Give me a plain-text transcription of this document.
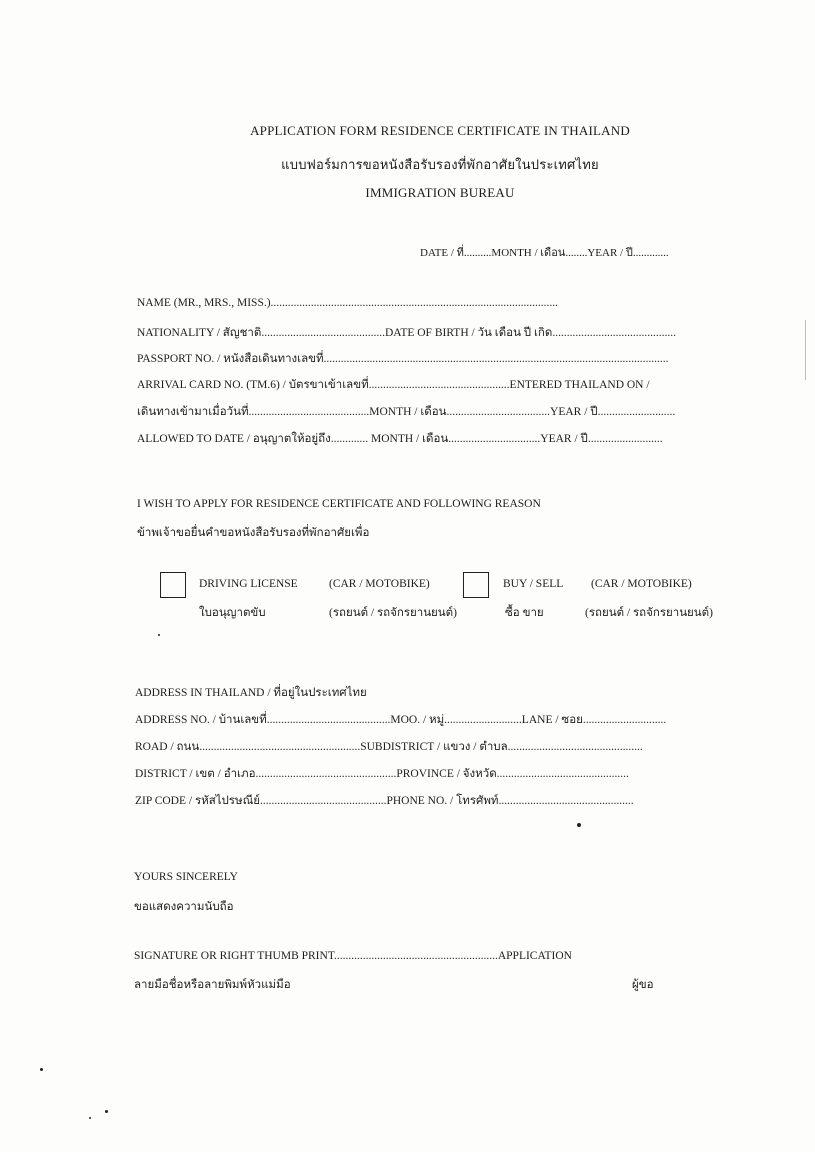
APPLICATION FORM RESIDENCE CERTIFICATE IN THAILAND
แบบฟอร์มการขอหนังสือรับรองที่พักอาศัยในประเทศไทย
IMMIGRATION BUREAU
DATE / ที่..........MONTH / เดือน........YEAR / ปี.............
NAME (MR., MRS., MISS.)....................................................................................................
NATIONALITY / สัญชาติ...........................................DATE OF BIRTH / วัน เดือน ปี เกิด...........................................
PASSPORT NO. / หนังสือเดินทางเลขที่........................................................................................................................
ARRIVAL CARD NO. (TM.6) / บัตรขาเข้าเลขที่.................................................ENTERED THAILAND ON /
เดินทางเข้ามาเมื่อวันที่..........................................MONTH / เดือน....................................YEAR / ปี...........................
ALLOWED TO DATE / อนุญาตให้อยู่ถึง............. MONTH / เดือน................................YEAR / ปี..........................
I WISH TO APPLY FOR RESIDENCE CERTIFICATE AND FOLLOWING REASON
ข้าพเจ้าขอยื่นคำขอหนังสือรับรองที่พักอาศัยเพื่อ
DRIVING LICENSE	(CAR / MOTOBIKE)
ใบอนุญาตขับ	(รถยนต์ / รถจักรยานยนต์)
BUY / SELL (CAR / MOTOBIKE)
ซื้อ ขาย	(รถยนต์ / รถจักรยานยนต์)
ADDRESS IN THAILAND / ที่อยู่ในประเทศไทย
ADDRESS NO. / บ้านเลขที่...........................................MOO. / หมู่...........................LANE / ซอย.............................
ROAD / ถนน........................................................SUBDISTRICT / แขวง / ตำบล...............................................
DISTRICT / เขต / อำเภอ.................................................PROVINCE / จังหวัด..............................................
ZIP CODE / รหัสไปรษณีย์............................................PHONE NO. / โทรศัพท์...............................................
YOURS SINCERELY
ขอแสดงความนับถือ
SIGNATURE OR RIGHT THUMB PRINT.........................................................APPLICATION
ลายมือชื่อหรือลายพิมพ์หัวแม่มือ	ผู้ขอ
